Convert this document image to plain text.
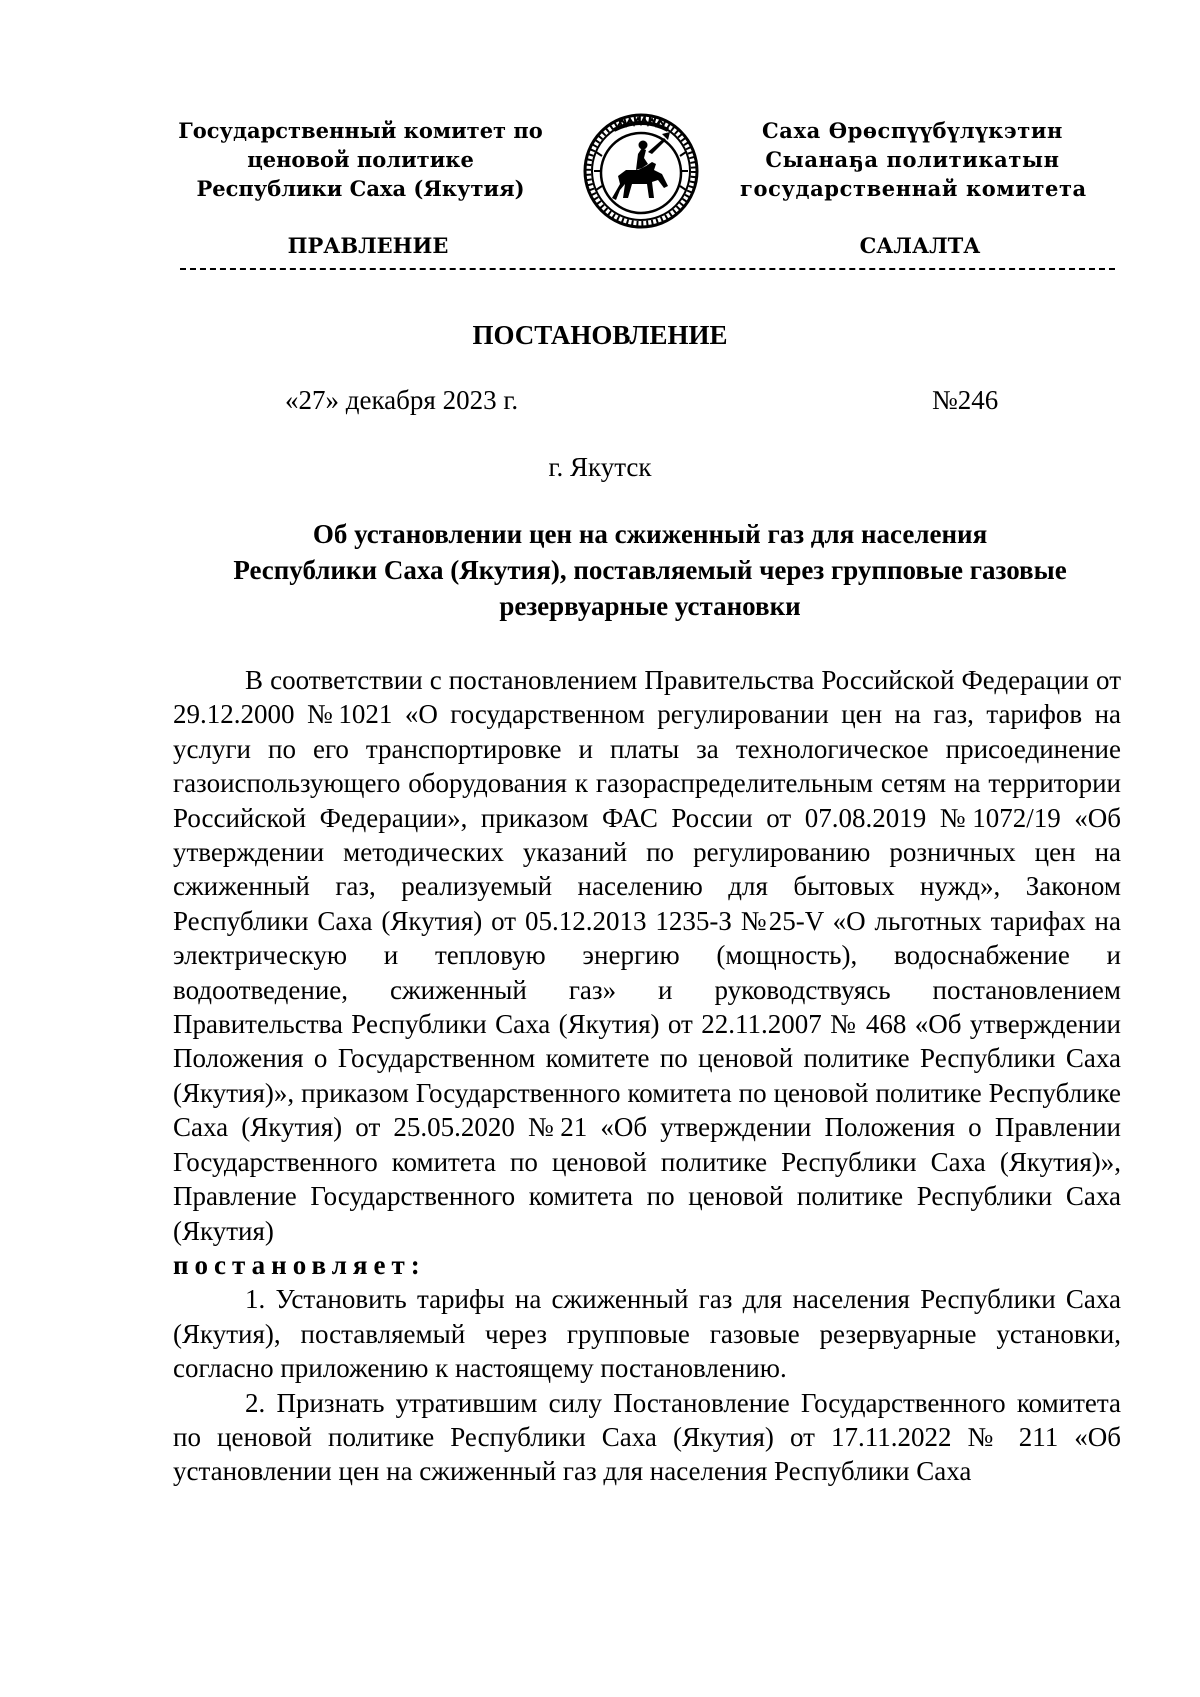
Государственный комитет по
ценовой политике
Республики Саха (Якутия)
Саха Өрөспүүбүлүкэтин
Сыанаҕа политикатын
государственнай комитета
ПРАВЛЕНИЕ	САЛАЛТА
ПОСТАНОВЛЕНИЕ
«27» декабря 2023 г.	№246
г. Якутск
Об установлении цен на сжиженный газ для населения
Республики Саха (Якутия), поставляемый через групповые газовые
резервуарные установки

В соответствии с постановлением Правительства Российской Федерации от 29.12.2000 №1021 «О государственном регулировании цен на газ, тарифов на услуги по его транспортировке и платы за технологическое присоединение газоиспользующего оборудования к газораспределительным сетям на территории Российской Федерации», приказом ФАС России от 07.08.2019 №1072/19 «Об утверждении методических указаний по регулированию розничных цен на сжиженный газ, реализуемый населению для бытовых нужд», Законом Республики Саха (Якутия) от 05.12.2013 1235-З №25-V «О льготных тарифах на электрическую и тепловую энергию (мощность), водоснабжение и водоотведение, сжиженный газ» и руководствуясь постановлением Правительства Республики Саха (Якутия) от 22.11.2007 № 468 «Об утверждении Положения о Государственном комитете по ценовой политике Республики Саха (Якутия)», приказом Государственного комитета по ценовой политике Республике Саха (Якутия) от 25.05.2020 №21 «Об утверждении Положения о Правлении Государственного комитета по ценовой политике Республики Саха (Якутия)», Правление Государственного комитета по ценовой политике Республики Саха (Якутия)

постановляет:

1. Установить тарифы на сжиженный газ для населения Республики Саха (Якутия), поставляемый через групповые газовые резервуарные установки, согласно приложению к настоящему постановлению.

2. Признать утратившим силу Постановление Государственного комитета по ценовой политике Республики Саха (Якутия) от 17.11.2022 № 211 «Об установлении цен на сжиженный газ для населения Республики Саха
